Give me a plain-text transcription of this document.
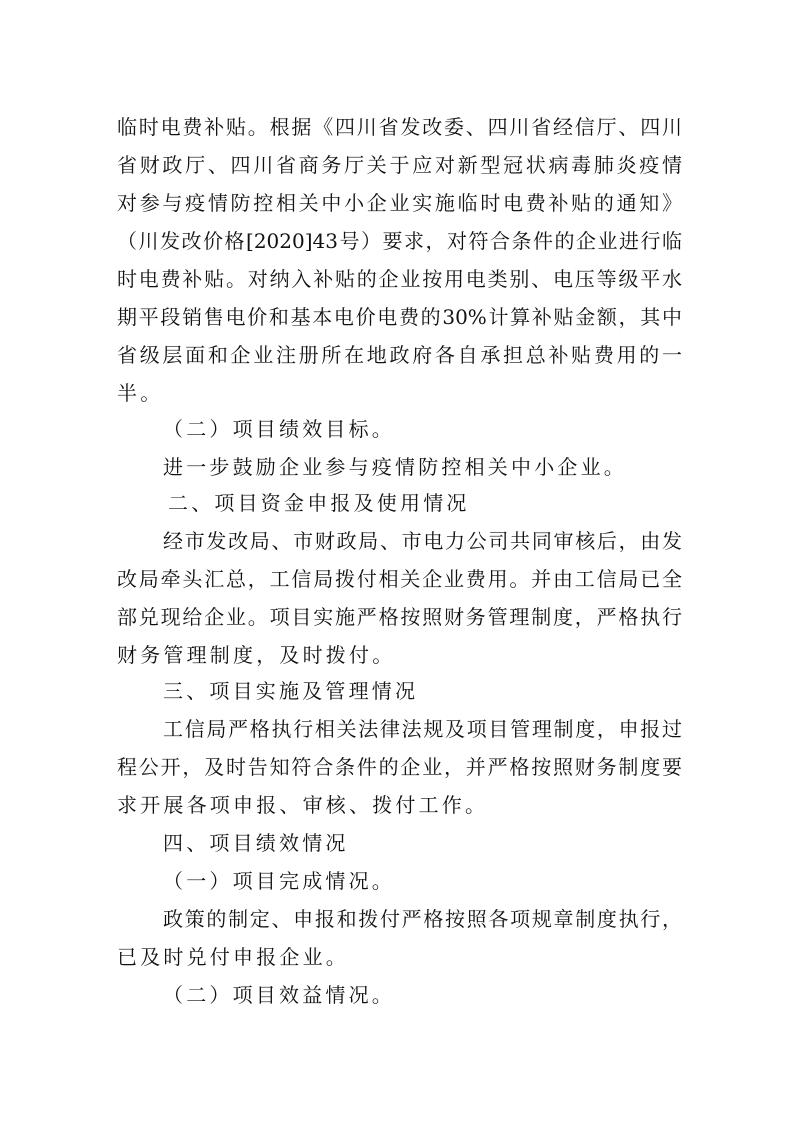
临时电费补贴。根据《四川省发改委、四川省经信厅、四川
省财政厅、四川省商务厅关于应对新型冠状病毒肺炎疫情
对参与疫情防控相关中小企业实施临时电费补贴的通知》
（川发改价格[2020]43号）要求，对符合条件的企业进行临
时电费补贴。对纳入补贴的企业按用电类别、电压等级平水
期平段销售电价和基本电价电费的30%计算补贴金额，其中
省级层面和企业注册所在地政府各自承担总补贴费用的一
半。
（二）项目绩效目标。
进一步鼓励企业参与疫情防控相关中小企业。
二、项目资金申报及使用情况
经市发改局、市财政局、市电力公司共同审核后，由发
改局牵头汇总，工信局拨付相关企业费用。并由工信局已全
部兑现给企业。项目实施严格按照财务管理制度，严格执行
财务管理制度，及时拨付。
三、项目实施及管理情况
工信局严格执行相关法律法规及项目管理制度，申报过
程公开，及时告知符合条件的企业，并严格按照财务制度要
求开展各项申报、审核、拨付工作。
四、项目绩效情况
（一）项目完成情况。
政策的制定、申报和拨付严格按照各项规章制度执行，
已及时兑付申报企业。
（二）项目效益情况。
